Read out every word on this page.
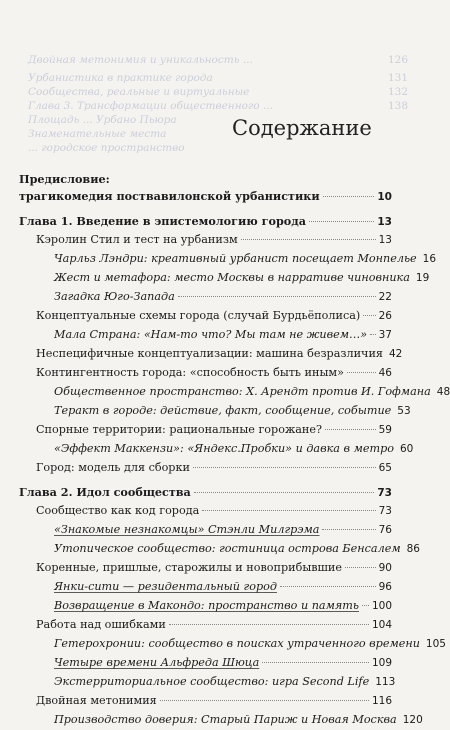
Двойная метонимия и уникальность ...	126
Урбанистика в практике города	131
Сообщества, реальные и виртуальные	132
Глава 3. Трансформации общественного ...	138
Площадь ... Урбано Пьюра
Знаменательные места
... городское пространство
Содержание
Предисловие:
трагикомедия поствавилонской урбанистики	10
Глава 1. Введение в эпистемологию города	13
Кэролин Стил и тест на урбанизм	13
Чарльз Лэндри: креативный урбанист посещает Монпелье 16
Жест и метафора: место Москвы в нарративе чиновника 19
Загадка Юго-Запада	22
Концептуальные схемы города (случай Бурдьёполиса) 26
Мала Страна: «Нам-то что? Мы там не живем…» 37
Неспецифичные концептуализации: машина безразличия 42
Контингентность города: «способность быть иным»	46
Общественное пространство: Х. Арендт против И. Гофмана 48
Теракт в городе: действие, факт, сообщение, событие 53
Спорные территории: рациональные горожане?	59
«Эффект Маккензи»: «Яндекс.Пробки» и давка в метро 60
Город: модель для сборки	65
Глава 2. Идол сообщества	73
Сообщество как код города	73
«Знакомые незнакомцы» Стэнли Милгрэма	76
Утопическое сообщество: гостиница острова Бенсалем 86
Коренные, пришлые, старожилы и новоприбывшие	90
Янки-сити — резидентальный город	96
Возвращение в Макондо: пространство и память 100
Работа над ошибками	104
Гетерохронии: сообщество в поисках утраченного времени 105
Четыре времени Альфреда Шюца	109
Экстерриториальное сообщество: игра Second Life 113
Двойная метонимия	116
Производство доверия: Старый Париж и Новая Москва 120
